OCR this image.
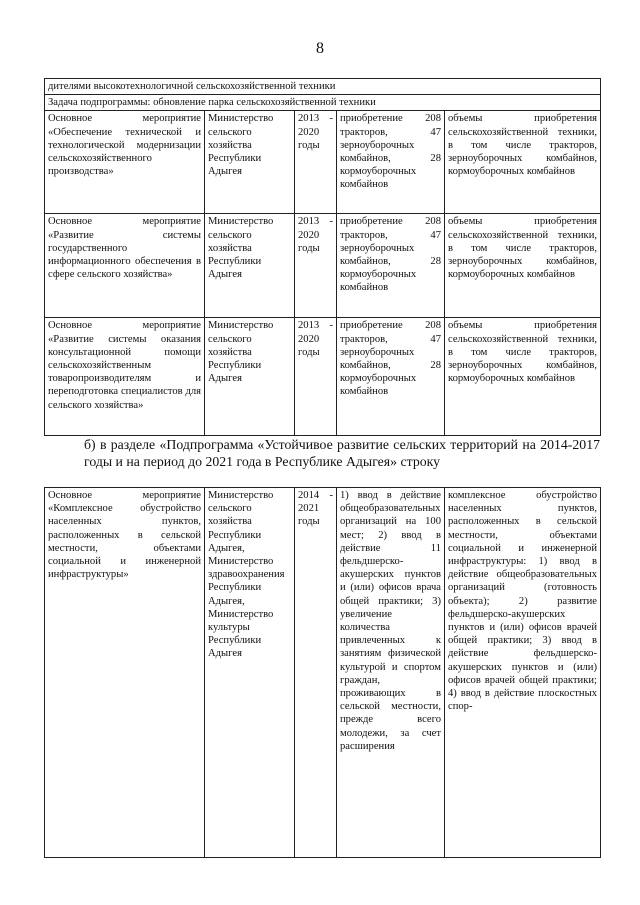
8
дителями высокотехнологичной сельскохозяйственной техники				
Задача подпрограммы: обновление парка сельскохозяйственной техники				
Основное мероприятие «Обеспечение технической и технологической модернизации сельскохозяйственного производства»	Министерство сельского хозяйства Республики Адыгея	2013 - 2020 годы	приобретение 208 тракторов, 47 зерноуборочных комбайнов, 28 кормоуборочных комбайнов	объемы приобретения сельскохозяйственной техники, в том числе тракторов, зерноуборочных комбайнов, кормоуборочных комбайнов
Основное мероприятие «Развитие системы государственного информационного обеспечения в сфере сельского хозяйства»	Министерство сельского хозяйства Республики Адыгея	2013 - 2020 годы	приобретение 208 тракторов, 47 зерноуборочных комбайнов, 28 кормоуборочных комбайнов	объемы приобретения сельскохозяйственной техники, в том числе тракторов, зерноуборочных комбайнов, кормоуборочных комбайнов
Основное мероприятие «Развитие системы оказания консультационной помощи сельскохозяйственным товаропроизводителям и переподготовка специалистов для сельского хозяйства»	Министерство сельского хозяйства Республики Адыгея	2013 - 2020 годы	приобретение 208 тракторов, 47 зерноуборочных комбайнов, 28 кормоуборочных комбайнов	объемы приобретения сельскохозяйственной техники, в том числе тракторов, зерноуборочных комбайнов, кормоуборочных комбайнов
б) в разделе «Подпрограмма «Устойчивое развитие сельских территорий на 2014-2017 годы и на период до 2021 года в Республике Адыгея» строку
Основное мероприятие «Комплексное обустройство населенных пунктов, расположенных в сельской местности, объектами социальной и инженерной инфраструктуры»	Министерство сельского хозяйства Республики Адыгея, Министерство здравоохранения Республики Адыгея, Министерство культуры Республики Адыгея	2014 - 2021 годы	1) ввод в действие общеобразовательных организаций на 100 мест; 2) ввод в действие 11 фельдшерско-акушерских пунктов и (или) офисов врача общей практики; 3) увеличение количества привлеченных к занятиям физической культурой и спортом граждан, проживающих в сельской местности, прежде всего молодежи, за счет расширения	комплексное обустройство населенных пунктов, расположенных в сельской местности, объектами социальной и инженерной инфраструктуры: 1) ввод в действие общеобразовательных организаций (готовность объекта); 2) развитие фельдшерско-акушерских пунктов и (или) офисов врачей общей практики; 3) ввод в действие фельдшерско-акушерских пунктов и (или) офисов врачей общей практики; 4) ввод в действие плоскостных спор-
